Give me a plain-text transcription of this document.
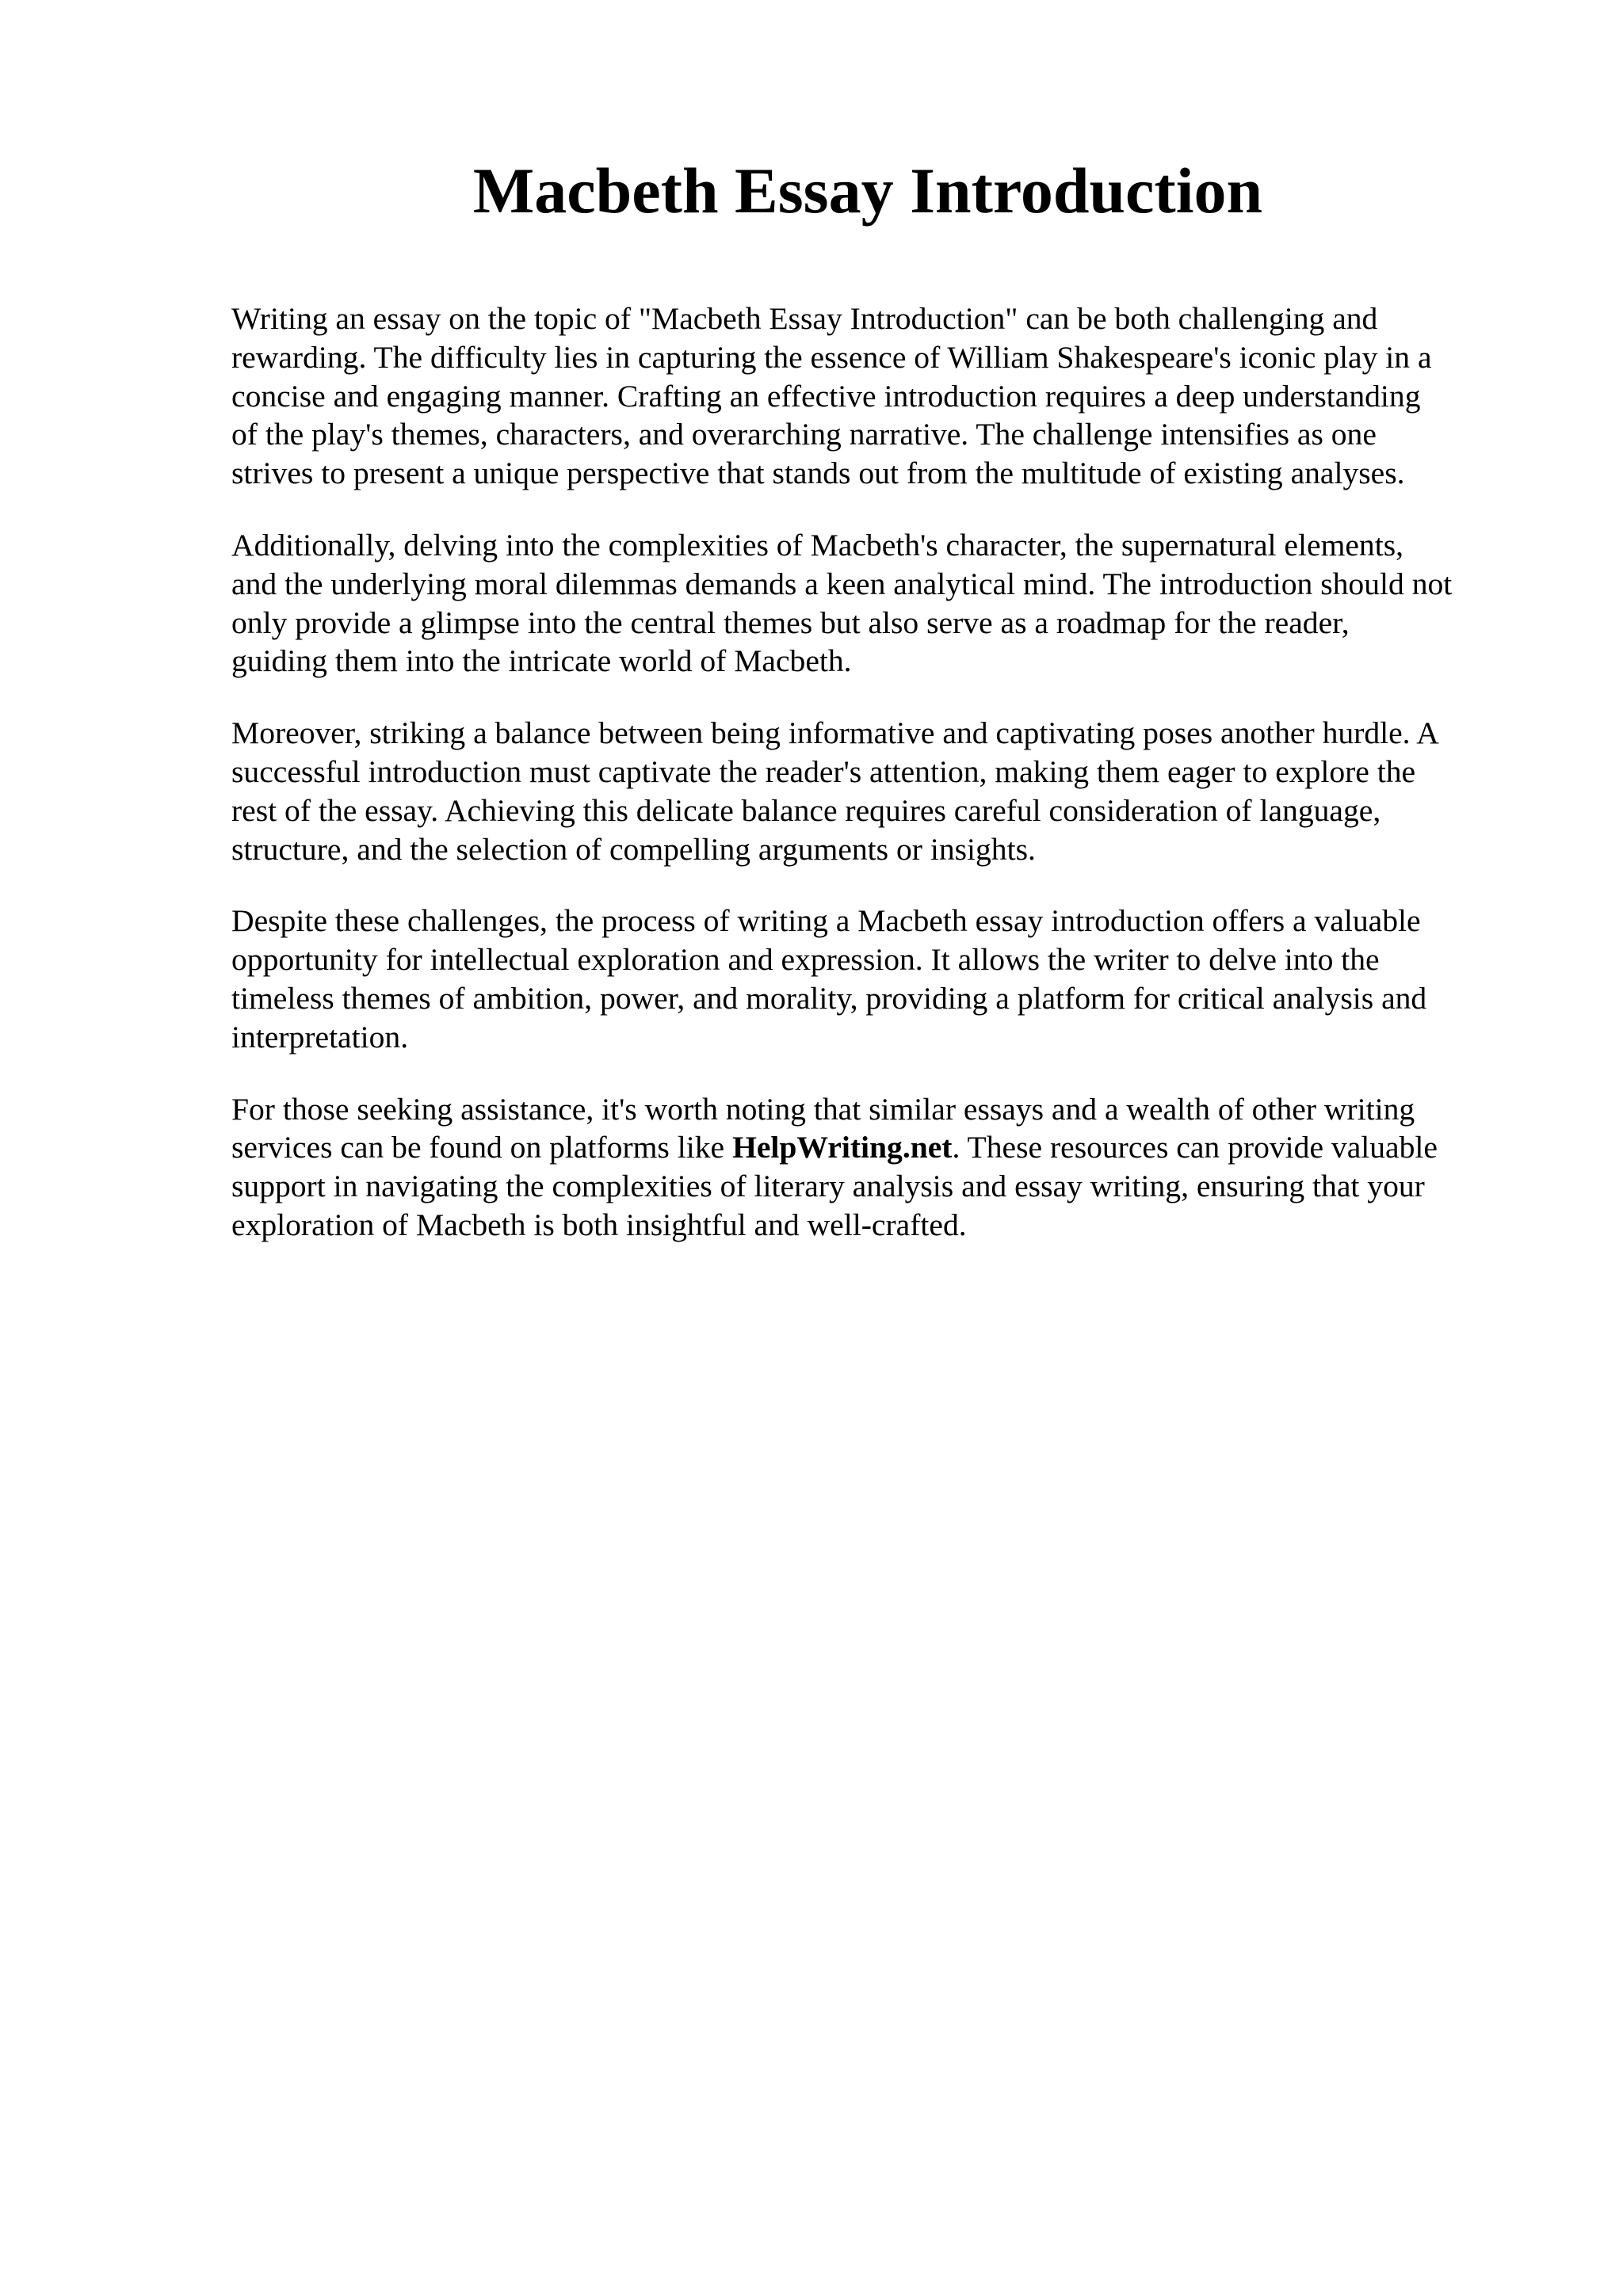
Macbeth Essay Introduction

Writing an essay on the topic of "Macbeth Essay Introduction" can be both challenging and
rewarding. The difficulty lies in capturing the essence of William Shakespeare's iconic play in a
concise and engaging manner. Crafting an effective introduction requires a deep understanding
of the play's themes, characters, and overarching narrative. The challenge intensifies as one
strives to present a unique perspective that stands out from the multitude of existing analyses.

Additionally, delving into the complexities of Macbeth's character, the supernatural elements,
and the underlying moral dilemmas demands a keen analytical mind. The introduction should not
only provide a glimpse into the central themes but also serve as a roadmap for the reader,
guiding them into the intricate world of Macbeth.

Moreover, striking a balance between being informative and captivating poses another hurdle. A
successful introduction must captivate the reader's attention, making them eager to explore the
rest of the essay. Achieving this delicate balance requires careful consideration of language,
structure, and the selection of compelling arguments or insights.

Despite these challenges, the process of writing a Macbeth essay introduction offers a valuable
opportunity for intellectual exploration and expression. It allows the writer to delve into the
timeless themes of ambition, power, and morality, providing a platform for critical analysis and
interpretation.

For those seeking assistance, it's worth noting that similar essays and a wealth of other writing
services can be found on platforms like HelpWriting.net. These resources can provide valuable
support in navigating the complexities of literary analysis and essay writing, ensuring that your
exploration of Macbeth is both insightful and well-crafted.
